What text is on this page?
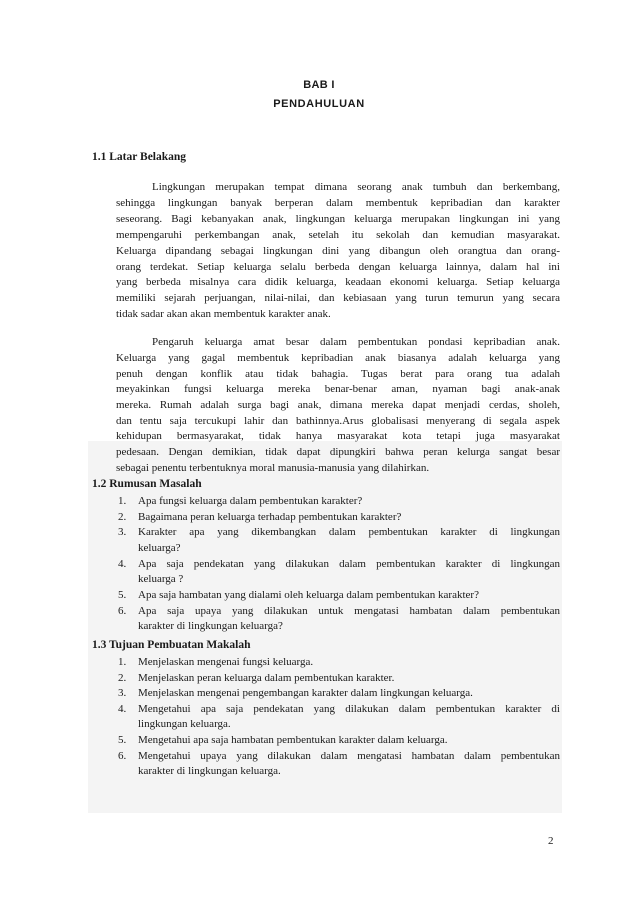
BAB I
PENDAHULUAN
1.1 Latar Belakang
Lingkungan merupakan tempat dimana seorang anak tumbuh dan berkembang,
sehingga lingkungan banyak berperan dalam membentuk kepribadian dan karakter
seseorang. Bagi kebanyakan anak, lingkungan keluarga merupakan lingkungan ini yang
mempengaruhi perkembangan anak, setelah itu sekolah dan kemudian masyarakat.
Keluarga dipandang sebagai lingkungan dini yang dibangun oleh orangtua dan orang-
orang terdekat. Setiap keluarga selalu berbeda dengan keluarga lainnya, dalam hal ini
yang berbeda misalnya cara didik keluarga, keadaan ekonomi keluarga. Setiap keluarga
memiliki sejarah perjuangan, nilai-nilai, dan kebiasaan yang turun temurun yang secara
tidak sadar akan akan membentuk karakter anak.
Pengaruh keluarga amat besar dalam pembentukan pondasi kepribadian anak.
Keluarga yang gagal membentuk kepribadian anak biasanya adalah keluarga yang
penuh dengan konflik atau tidak bahagia. Tugas berat para orang tua adalah
meyakinkan fungsi keluarga mereka benar-benar aman, nyaman bagi anak-anak
mereka. Rumah adalah surga bagi anak, dimana mereka dapat menjadi cerdas, sholeh,
dan tentu saja tercukupi lahir dan bathinnya.Arus globalisasi menyerang di segala aspek
kehidupan bermasyarakat, tidak hanya masyarakat kota tetapi juga masyarakat
pedesaan. Dengan demikian, tidak dapat dipungkiri bahwa peran kelurga sangat besar
sebagai penentu terbentuknya moral manusia-manusia yang dilahirkan.
1.2 Rumusan Masalah
1.	Apa fungsi keluarga dalam pembentukan karakter?
2.	Bagaimana peran keluarga terhadap pembentukan karakter?
3.	Karakter apa yang dikembangkan dalam pembentukan karakter di lingkungan
keluarga?
4.	Apa saja pendekatan yang dilakukan dalam pembentukan karakter di lingkungan
keluarga ?
5.	Apa saja hambatan yang dialami oleh keluarga dalam pembentukan karakter?
6.	Apa saja upaya yang dilakukan untuk mengatasi hambatan dalam pembentukan
karakter di lingkungan keluarga?
1.3 Tujuan Pembuatan Makalah
1.	Menjelaskan mengenai fungsi keluarga.
2.	Menjelaskan peran keluarga dalam pembentukan karakter.
3.	Menjelaskan mengenai pengembangan karakter dalam lingkungan keluarga.
4.	Mengetahui apa saja pendekatan yang dilakukan dalam pembentukan karakter di
lingkungan keluarga.
5.	Mengetahui apa saja hambatan pembentukan karakter dalam keluarga.
6.	Mengetahui upaya yang dilakukan dalam mengatasi hambatan dalam pembentukan
karakter di lingkungan keluarga.
2
